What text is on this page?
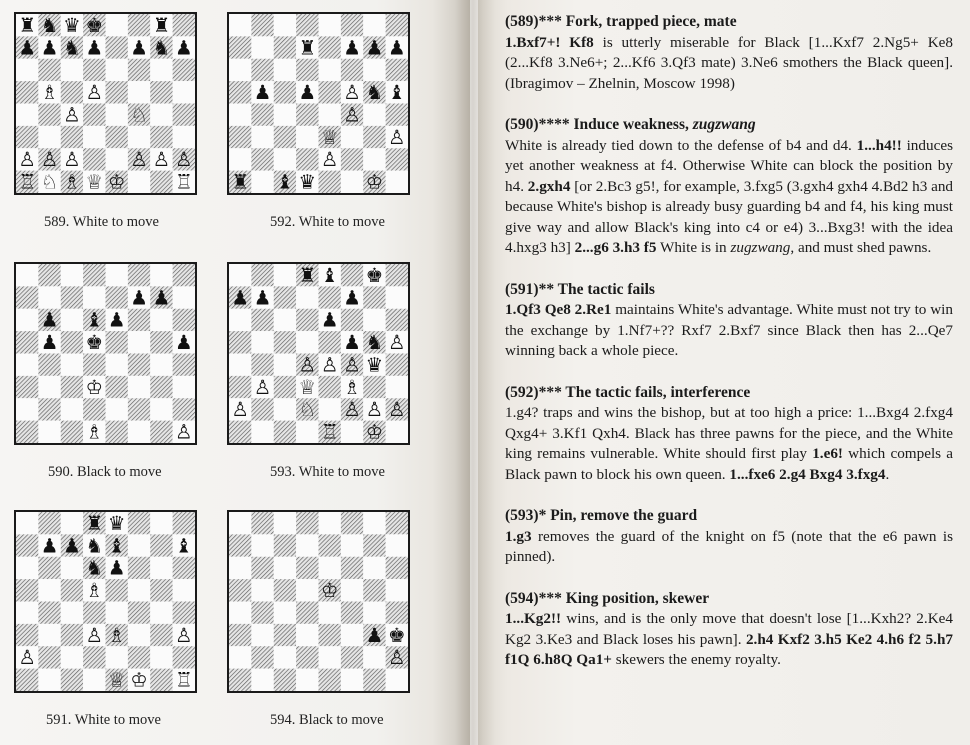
♜ ♞ ♛ ♚	♜
♟ ♟ ♞ ♟ ♟ ♞ ♟
♗ ♙
♙	♘
♙ ♙ ♙	♙ ♙ ♙
♖ ♘ ♗ ♕ ♔	♖
589. White to move
♜ ♟ ♟ ♟
♟ ♟ ♙ ♞ ♝
♙
♕	♙
♙
♜ ♝ ♛	♔
592. White to move
♟ ♟
♟ ♝ ♟
♟ ♚	♟
♔
♗	♙
590. Black to move
♜ ♝ ♚
♟ ♟	♟
♟
♟ ♞ ♙
♙ ♙ ♙ ♛
♙ ♕ ♗
♙	♘ ♙ ♙ ♙
♖ ♔
593. White to move
♜ ♛
♟ ♟ ♞ ♝	♝
♞ ♟
♗
♙ ♗	♙
♙
♕ ♔ ♖
591. White to move
♔
♟ ♚
♙
594. Black to move
(589)*** Fork, trapped piece, mate

1.Bxf7+! Kf8 is utterly miserable for Black [1...Kxf7 2.Ng5+ Ke8 (2...Kf8 3.Ne6+; 2...Kf6 3.Qf3 mate) 3.Ne6 smothers the Black queen]. (Ibragimov – Zhelnin, Moscow 1998)

(590)**** Induce weakness, zugzwang

White is already tied down to the defense of b4 and d4. 1...h4!! induces yet another weakness at f4. Otherwise White can block the position by h4. 2.gxh4 [or 2.Bc3 g5!, for example, 3.fxg5 (3.gxh4 gxh4 4.Bd2 h3 and because White's bishop is already busy guarding b4 and f4, his king must give way and allow Black's king into c4 or e4) 3...Bxg3! with the idea 4.hxg3 h3] 2...g6 3.h3 f5 White is in zugzwang, and must shed pawns.

(591)** The tactic fails

1.Qf3 Qe8 2.Re1 maintains White's advantage. White must not try to win the exchange by 1.Nf7+?? Rxf7 2.Bxf7 since Black then has 2...Qe7 winning back a whole piece.

(592)*** The tactic fails, interference

1.g4? traps and wins the bishop, but at too high a price: 1...Bxg4 2.fxg4 Qxg4+ 3.Kf1 Qxh4. Black has three pawns for the piece, and the White king remains vulnerable. White should first play 1.e6! which compels a Black pawn to block his own queen. 1...fxe6 2.g4 Bxg4 3.fxg4.

(593)* Pin, remove the guard

1.g3 removes the guard of the knight on f5 (note that the e6 pawn is pinned).

(594)*** King position, skewer

1...Kg2!! wins, and is the only move that doesn't lose [1...Kxh2? 2.Ke4 Kg2 3.Ke3 and Black loses his pawn]. 2.h4 Kxf2 3.h5 Ke2 4.h6 f2 5.h7 f1Q 6.h8Q Qa1+ skewers the enemy royalty.
